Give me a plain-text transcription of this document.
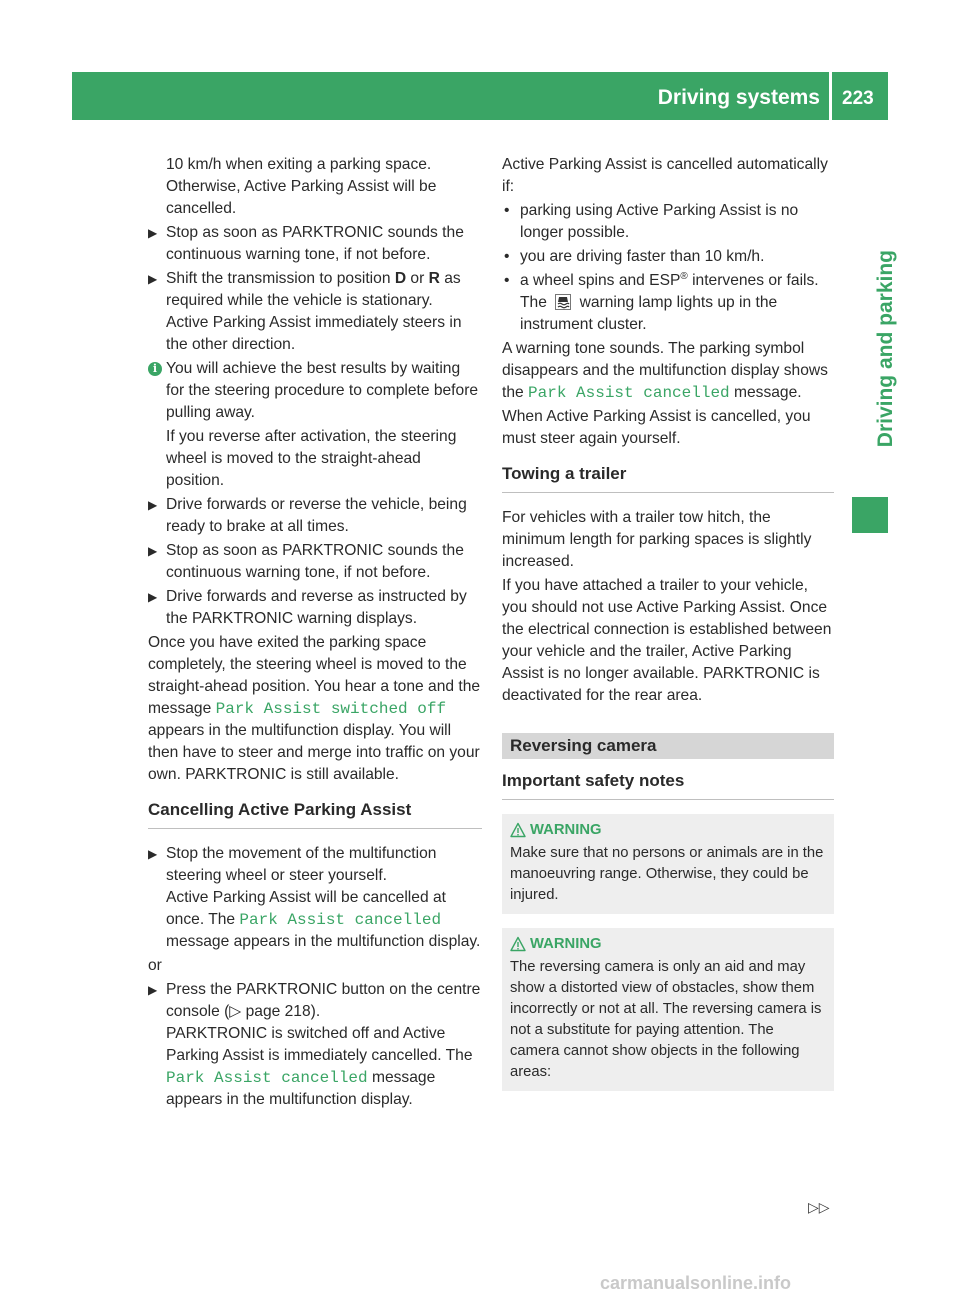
Driving systems 223
Driving and parking

10 km/h when exiting a parking space. Otherwise, Active Parking Assist will be cancelled.

▶ Stop as soon as PARKTRONIC sounds the continuous warning tone, if not before.
▶ Shift the transmission to position D or R as required while the vehicle is stationary.
Active Parking Assist immediately steers in the other direction.
i You will achieve the best results by waiting for the steering procedure to complete before pulling away.

If you reverse after activation, the steering wheel is moved to the straight-ahead position.

▶ Drive forwards or reverse the vehicle, being ready to brake at all times.
▶ Stop as soon as PARKTRONIC sounds the continuous warning tone, if not before.
▶ Drive forwards and reverse as instructed by the PARKTRONIC warning displays.

Once you have exited the parking space completely, the steering wheel is moved to the straight-ahead position. You hear a tone and the message Park Assist switched off appears in the multifunction display. You will then have to steer and merge into traffic on your own. PARKTRONIC is still available.

Cancelling Active Parking Assist
▶ Stop the movement of the multifunction steering wheel or steer yourself.
Active Parking Assist will be cancelled at once. The Park Assist cancelled message appears in the multifunction display.

or

▶ Press the PARKTRONIC button on the centre console (▷ page 218).
PARKTRONIC is switched off and Active Parking Assist is immediately cancelled. The Park Assist cancelled message appears in the multifunction display.

Active Parking Assist is cancelled automatically if:

• parking using Active Parking Assist is no longer possible.
• you are driving faster than 10 km/h.
• a wheel spins and ESP® intervenes or fails. The warning lamp lights up in the instrument cluster.

A warning tone sounds. The parking symbol disappears and the multifunction display shows the Park Assist cancelled message.

When Active Parking Assist is cancelled, you must steer again yourself.

Towing a trailer

For vehicles with a trailer tow hitch, the minimum length for parking spaces is slightly increased.

If you have attached a trailer to your vehicle, you should not use Active Parking Assist. Once the electrical connection is established between your vehicle and the trailer, Active Parking Assist is no longer available. PARKTRONIC is deactivated for the rear area.

Reversing camera
Important safety notes
WARNING

Make sure that no persons or animals are in the manoeuvring range. Otherwise, they could be injured.

WARNING

The reversing camera is only an aid and may show a distorted view of obstacles, show them incorrectly or not at all. The reversing camera is not a substitute for paying attention. The camera cannot show objects in the following areas:

▷▷
carmanualsonline.info
